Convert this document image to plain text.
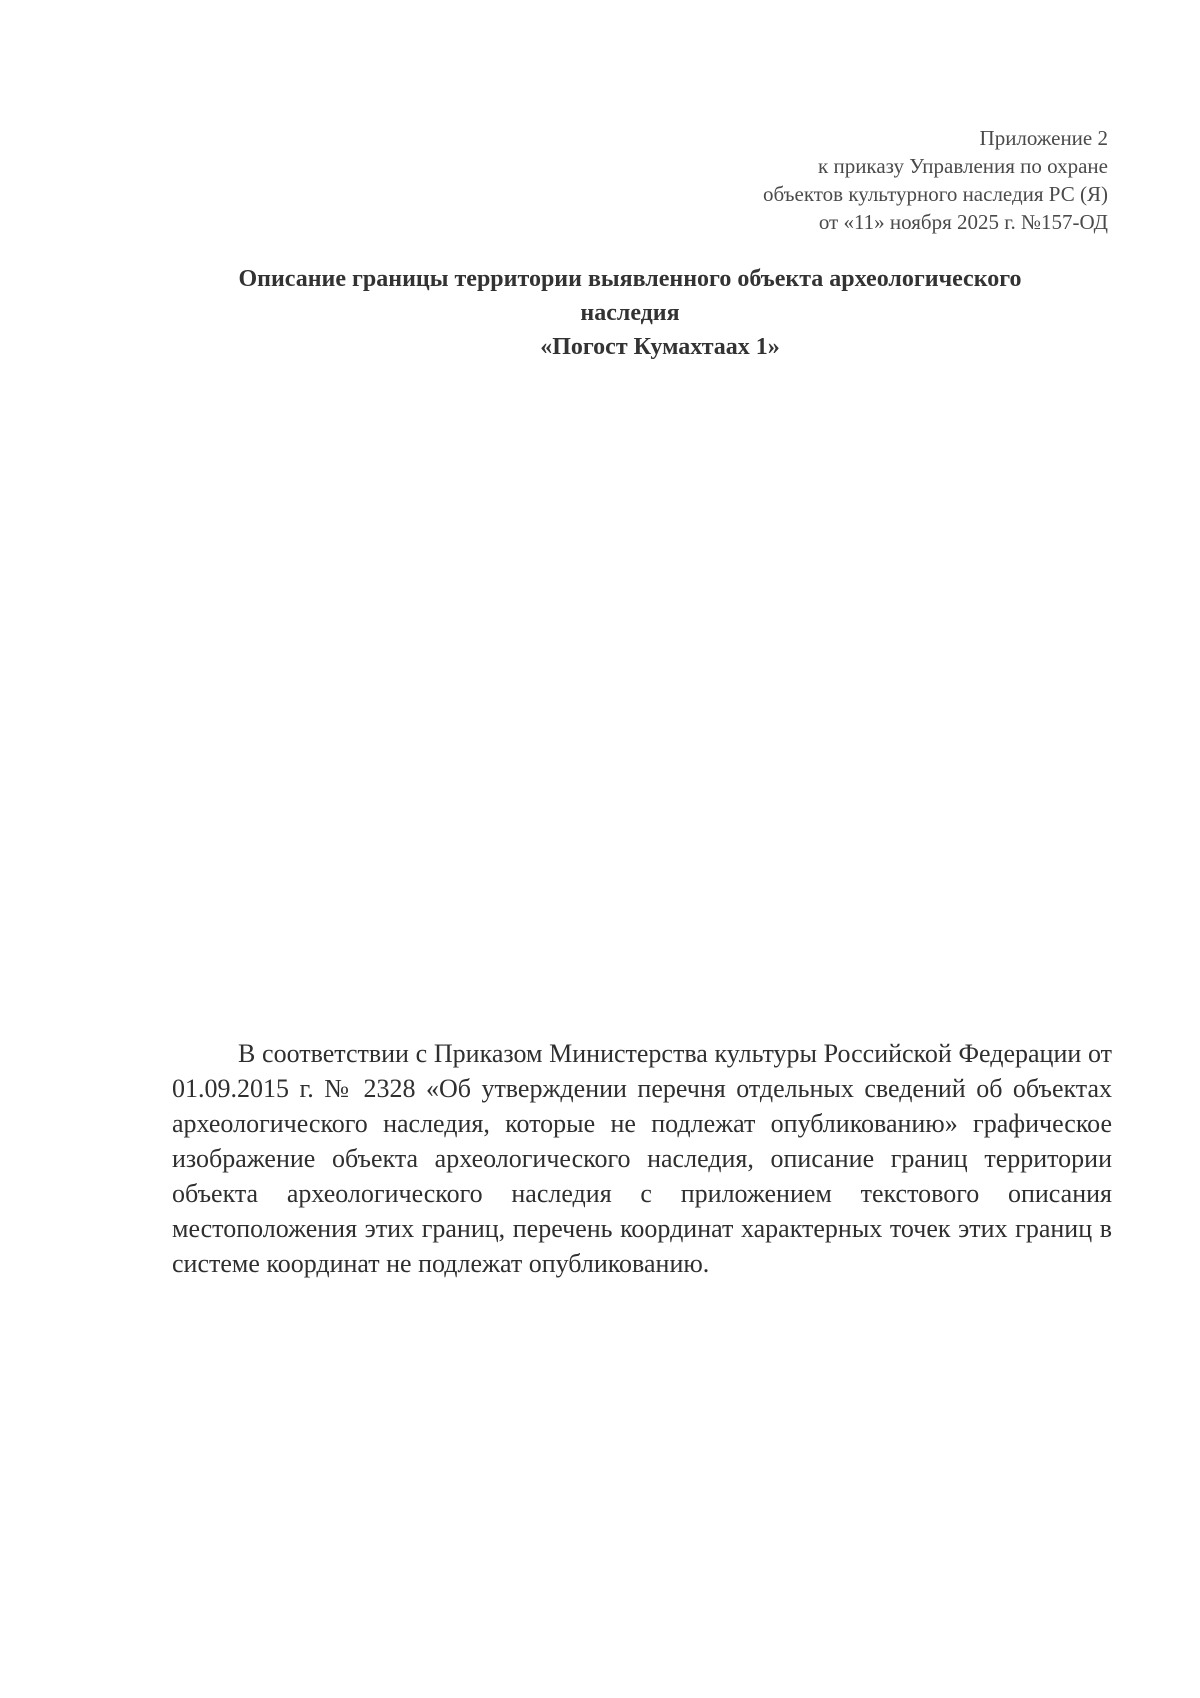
Приложение 2
к приказу Управления по охране
объектов культурного наследия РС (Я)
от «11» ноября 2025 г. №157-ОД
Описание границы территории выявленного объекта археологического
наследия
«Погост Кумахтаах 1»
В соответствии с Приказом Министерства культуры Российской Федерации от 01.09.2015 г. № 2328 «Об утверждении перечня отдельных сведений об объектах археологического наследия, которые не подлежат опубликованию» графическое изображение объекта археологического наследия, описание границ территории объекта археологического наследия с приложением текстового описания местоположения этих границ, перечень координат характерных точек этих границ в системе координат не подлежат опубликованию.
